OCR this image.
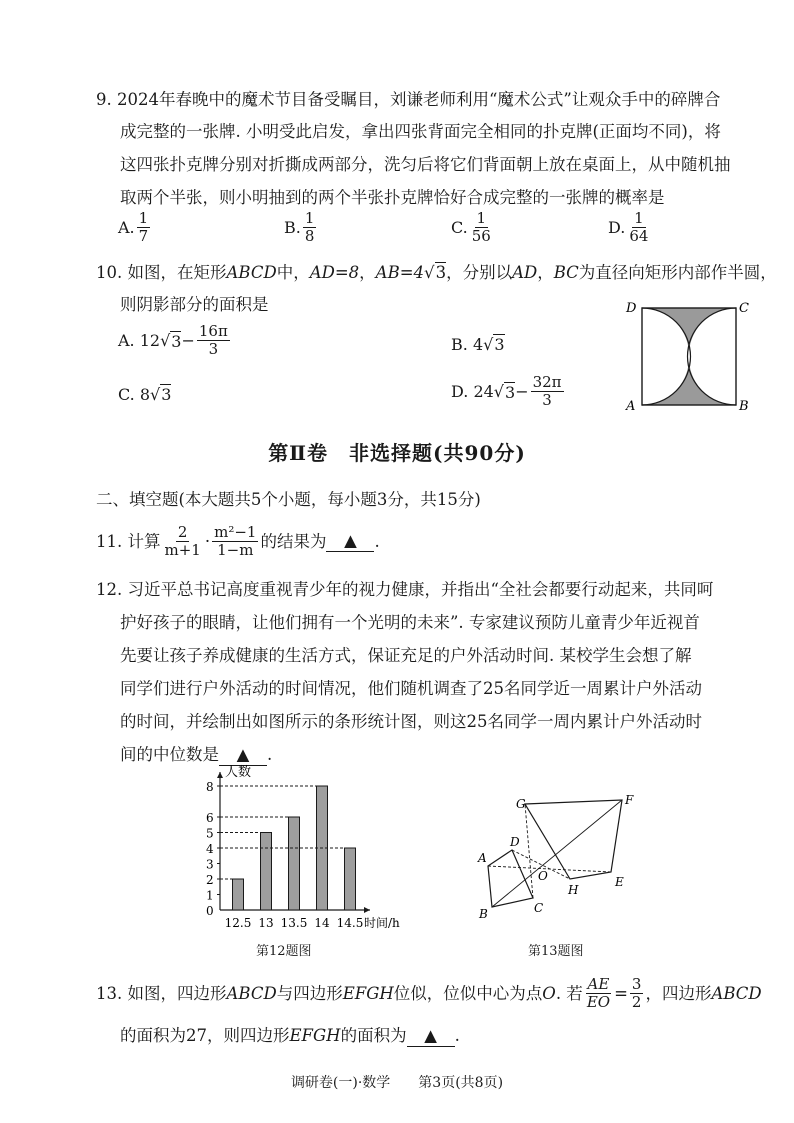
9. 2024年春晚中的魔术节目备受瞩目，刘谦老师利用“魔术公式”让观众手中的碎牌合
成完整的一张牌. 小明受此启发，拿出四张背面完全相同的扑克牌(正面均不同)，将
这四张扑克牌分别对折撕成两部分，洗匀后将它们背面朝上放在桌面上，从中随机抽
取两个半张，则小明抽到的两个半张扑克牌恰好合成完整的一张牌的概率是
A. $\frac{1}{7}$	B. $\frac{1}{8}$	C. $\frac{1}{56}$	D. $\frac{1}{64}$
10. 如图，在矩形ABCD中，AD=8，AB=4√3，分别以AD，BC为直径向矩形内部作半圆，
则阴影部分的面积是
A.
12 √ $3 - \frac{16\pi}{3}$	B.
4 √ 3
C.
8 √ 3	D.
24 √ $3 - \frac{32\pi}{3}$
D	C
A	B
第Ⅱ卷　非选择题(共90分)
二、填空题(本大题共5个小题，每小题3分，共15分)
11. 计算 $\frac{2}{m+1} \cdot \frac{\text{m²−1}}{1-m}$ 的结果为	▲	.
12. 习近平总书记高度重视青少年的视力健康，并指出“全社会都要行动起来，共同呵
护好孩子的眼睛，让他们拥有一个光明的未来”. 专家建议预防儿童青少年近视首
先要让孩子养成健康的生活方式，保证充足的户外活动时间. 某校学生会想了解
同学们进行户外活动的时间情况，他们随机调查了25名同学近一周累计户外活动
的时间，并绘制出如图所示的条形统计图，则这25名同学一周内累计户外活动时
间的中位数是 ▲ .
人数
0
1
2
3
4
5
6
8
12.5 13 13.5 14 14.5 时间/h
第12题图
A
B	C
D
E
F
G
H
O
第13题图
13. 如图，四边形 ABCD 与四边形 EFGH 位似，位似中心为点 O . 若 $\frac{AE}{EO} = \frac{3}{2}$ ，四边形 ABCD
的面积为27，则四边形EFGH的面积为 ▲ .
调研卷(一)·数学　　第3页(共8页)
